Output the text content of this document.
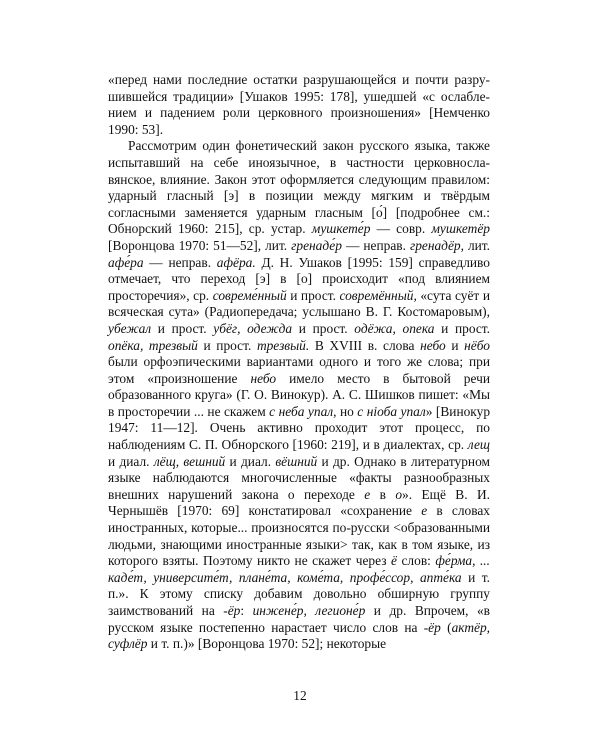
«перед нами последние остатки разрушающейся и почти разрушившейся традиции» [Ушаков 1995: 178], ушедшей «с ослаблением и падением роли церковного произношения» [Немченко 1990: 53].

Рассмотрим один фонетический закон русского языка, также испытавший на себе иноязычное, в частности церковнославянское, влияние. Закон этот оформляется следующим правилом: ударный гласный [э] в позиции между мягким и твёрдым согласными заменяется ударным гласным [о́] [подробнее см.: Обнорский 1960: 215], ср. устар. мушкете́р — совр. мушкетёр [Воронцова 1970: 51—52], лит. гренаде́р — неправ. гренадёр, лит. афе́ра — неправ. афёра. Д. Н. Ушаков [1995: 159] справедливо отмечает, что переход [э] в [о] происходит «под влиянием просторечия», ср. совреме́нный и прост. совремённый, «сута суёт и всяческая сута» (Радиопередача; услышано В. Г. Костомаровым), убежал и прост. убёг, одежда и прост. одёжа, опека и прост. опёка, трезвый и прост. трезвый. В XVIII в. слова небо и нёбо были орфоэпическими вариантами одного и того же слова; при этом «произношение небо имело место в бытовой речи образованного круга» (Г. О. Винокур). А. С. Шишков пишет: «Мы в просторечии ... не скажем с неба упал, но с ніоба упал» [Винокур 1947: 11—12]. Очень активно проходит этот процесс, по наблюдениям С. П. Обнорского [1960: 219], и в диалектах, ср. лещ и диал. лёщ, вешний и диал. вёшний и др. Однако в литературном языке наблюдаются многочисленные «факты разнообразных внешних нарушений закона о переходе е в о». Ещё В. И. Чернышёв [1970: 69] констатировал «сохранение е в словах иностранных, которые... произносятся по-русски <образованными людьми, знающими иностранные языки> так, как в том языке, из которого взяты. Поэтому никто не скажет через ё слов: фе́рма, ... каде́т, университе́т, плане́та, коме́та, профе́ссор, апте́ка и т. п.». К этому списку добавим довольно обширную группу заимствований на -ёр: инжене́р, легионе́р и др. Впрочем, «в русском языке постепенно нарастает число слов на -ёр (актёр, суфлёр и т. п.)» [Воронцова 1970: 52]; некоторые

12
